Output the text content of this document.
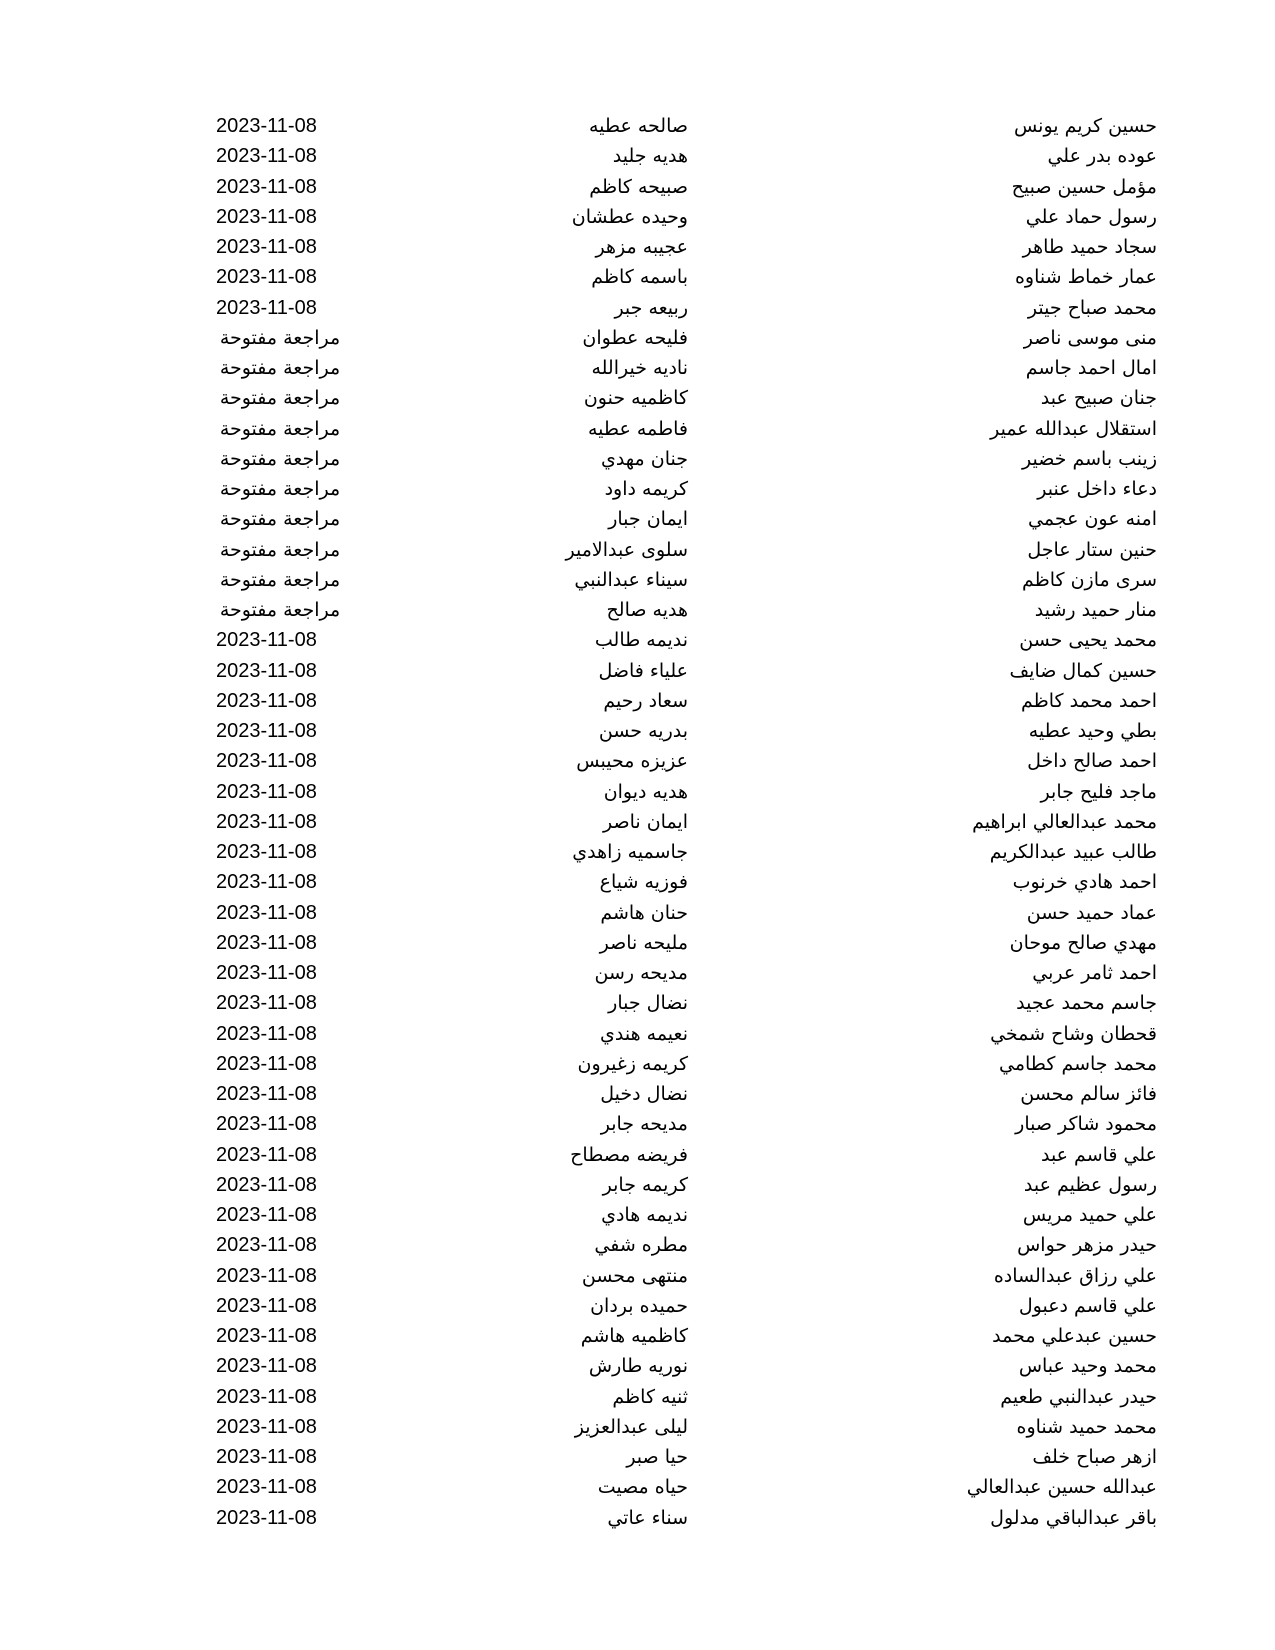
حسين كريم يونس
صالحه عطيه
2023-11-08
عوده بدر علي
هديه جليد
2023-11-08
مؤمل حسين صبيح
صبيحه كاظم
2023-11-08
رسول حماد علي
وحيده عطشان
2023-11-08
سجاد حميد طاهر
عجيبه مزهر
2023-11-08
عمار خماط شناوه
باسمه كاظم
2023-11-08
محمد صباح جيتر
ربيعه جبر
2023-11-08
منى موسى ناصر
فليحه عطوان
مراجعة مفتوحة
امال احمد جاسم
ناديه خيرالله
مراجعة مفتوحة
جنان صبيح عبد
كاظميه حنون
مراجعة مفتوحة
استقلال عبدالله عمير
فاطمه عطيه
مراجعة مفتوحة
زينب باسم خضير
جنان مهدي
مراجعة مفتوحة
دعاء داخل عنبر
كريمه داود
مراجعة مفتوحة
امنه عون عجمي
ايمان جبار
مراجعة مفتوحة
حنين ستار عاجل
سلوى عبدالامير
مراجعة مفتوحة
سرى مازن كاظم
سيناء عبدالنبي
مراجعة مفتوحة
منار حميد رشيد
هديه صالح
مراجعة مفتوحة
محمد يحيى حسن
نديمه طالب
2023-11-08
حسين كمال ضايف
علياء فاضل
2023-11-08
احمد محمد كاظم
سعاد رحيم
2023-11-08
بطي وحيد عطيه
بدريه حسن
2023-11-08
احمد صالح داخل
عزيزه محيبس
2023-11-08
ماجد فليح جابر
هديه ديوان
2023-11-08
محمد عبدالعالي ابراهيم
ايمان ناصر
2023-11-08
طالب عبيد عبدالكريم
جاسميه زاهدي
2023-11-08
احمد هادي خرنوب
فوزيه شياع
2023-11-08
عماد حميد حسن
حنان هاشم
2023-11-08
مهدي صالح موحان
مليحه ناصر
2023-11-08
احمد ثامر عربي
مديحه رسن
2023-11-08
جاسم محمد عجيد
نضال جبار
2023-11-08
قحطان وشاح شمخي
نعيمه هندي
2023-11-08
محمد جاسم كطامي
كريمه زغيرون
2023-11-08
فائز سالم محسن
نضال دخيل
2023-11-08
محمود شاكر صبار
مديحه جابر
2023-11-08
علي قاسم عبد
فريضه مصطاح
2023-11-08
رسول عظيم عبد
كريمه جابر
2023-11-08
علي حميد مريس
نديمه هادي
2023-11-08
حيدر مزهر حواس
مطره شفي
2023-11-08
علي رزاق عبدالساده
منتهى محسن
2023-11-08
علي قاسم دعبول
حميده بردان
2023-11-08
حسين عبدعلي محمد
كاظميه هاشم
2023-11-08
محمد وحيد عباس
نوريه طارش
2023-11-08
حيدر عبدالنبي طعيم
ثنيه كاظم
2023-11-08
محمد حميد شناوه
ليلى عبدالعزيز
2023-11-08
ازهر صباح خلف
حيا صبر
2023-11-08
عبدالله حسين عبدالعالي
حياه مصيت
2023-11-08
باقر عبدالباقي مدلول
سناء عاتي
2023-11-08
